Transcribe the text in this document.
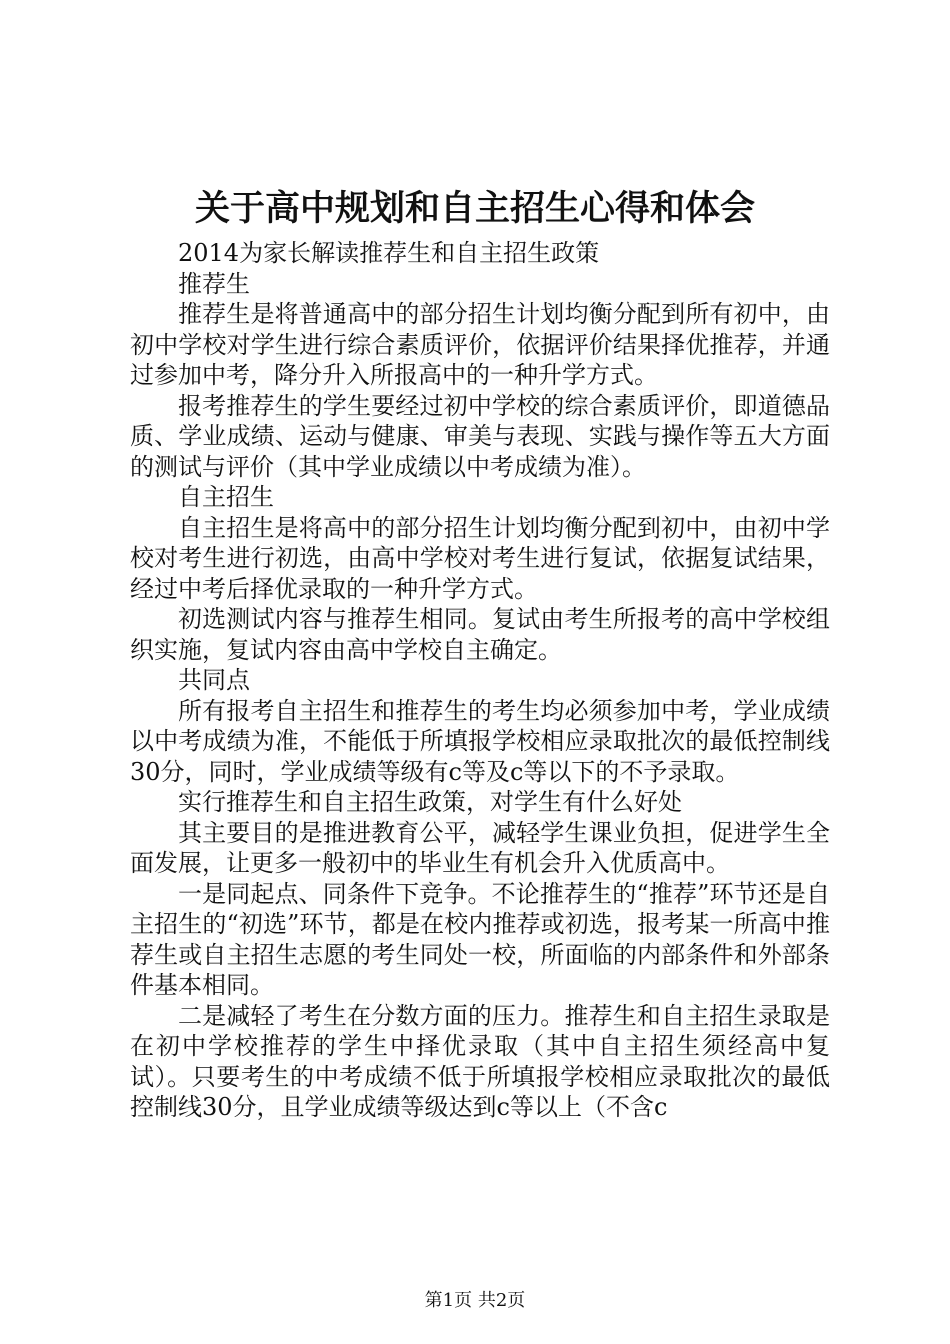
关于高中规划和自主招生心得和体会

2014为家长解读推荐生和自主招生政策

推荐生

推荐生是将普通高中的部分招生计划均衡分配到所有初中，由初中学校对学生进行综合素质评价，依据评价结果择优推荐，并通过参加中考，降分升入所报高中的一种升学方式。

报考推荐生的学生要经过初中学校的综合素质评价，即道德品质、学业成绩、运动与健康、审美与表现、实践与操作等五大方面的测试与评价（其中学业成绩以中考成绩为准）。

自主招生

自主招生是将高中的部分招生计划均衡分配到初中，由初中学校对考生进行初选，由高中学校对考生进行复试，依据复试结果，经过中考后择优录取的一种升学方式。

初选测试内容与推荐生相同。复试由考生所报考的高中学校组织实施，复试内容由高中学校自主确定。

共同点

所有报考自主招生和推荐生的考生均必须参加中考，学业成绩以中考成绩为准，不能低于所填报学校相应录取批次的最低控制线30分，同时，学业成绩等级有c等及c等以下的不予录取。

实行推荐生和自主招生政策，对学生有什么好处

其主要目的是推进教育公平，减轻学生课业负担，促进学生全面发展，让更多一般初中的毕业生有机会升入优质高中。

一是同起点、同条件下竞争。不论推荐生的“推荐”环节还是自主招生的“初选”环节，都是在校内推荐或初选，报考某一所高中推荐生或自主招生志愿的考生同处一校，所面临的内部条件和外部条件基本相同。

二是减轻了考生在分数方面的压力。推荐生和自主招生录取是在初中学校推荐的学生中择优录取（其中自主招生须经高中复试）。只要考生的中考成绩不低于所填报学校相应录取批次的最低控制线30分，且学业成绩等级达到c等以上（不含c

第1页 共2页
